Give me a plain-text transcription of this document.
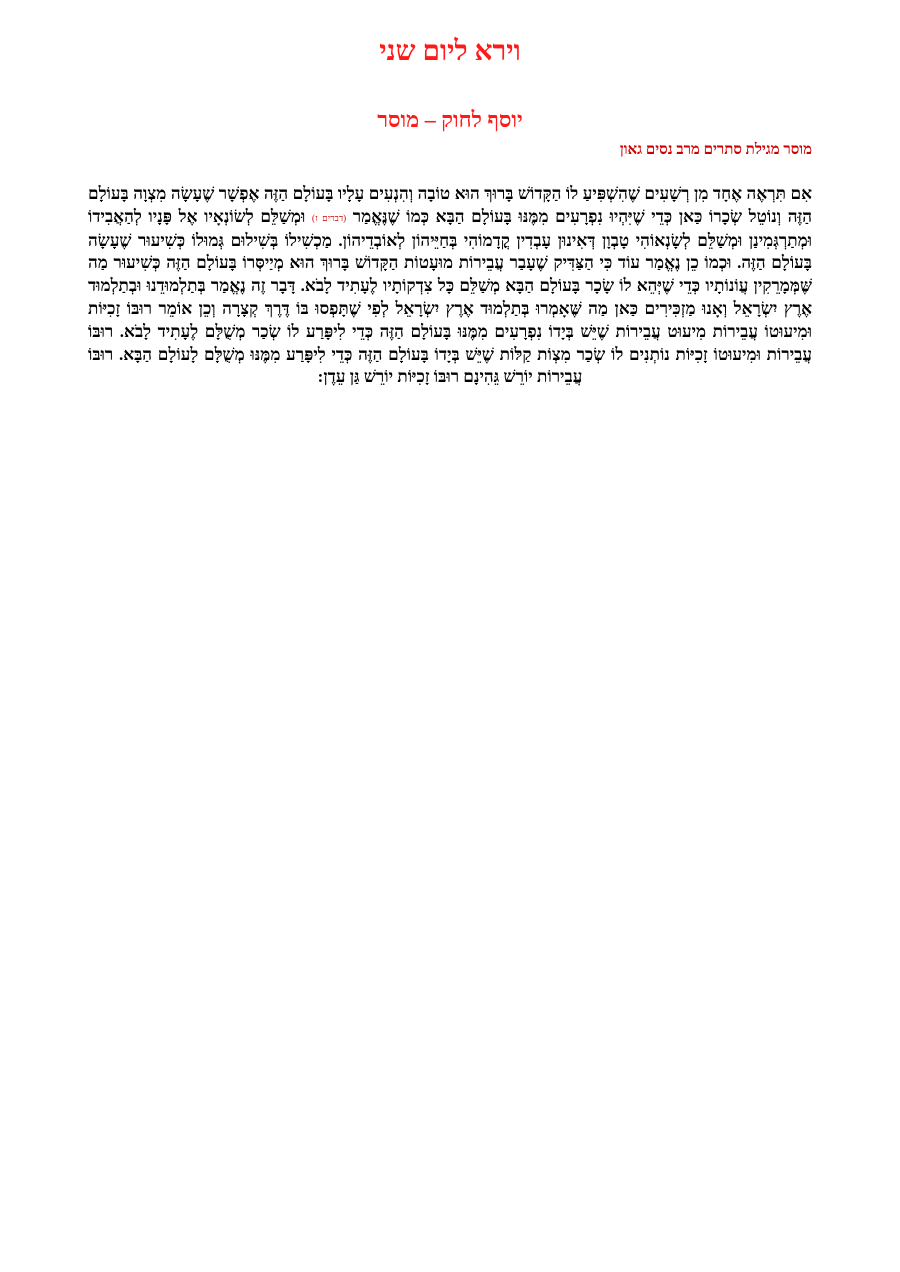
וירא ליום שני
יוסף לחוק – מוסר
מוסר מגילת סתרים מרב נסים גאון

אִם תִּרְאֶה אֶחָד מִן רְשָׁעִים שֶׁהִשְׁפִּיעַ לוֹ הַקָּדוֹשׁ בָּרוּךְ הוּא טוֹבָה וְהִנְעִים עָלָיו בָּעוֹלָם הַזֶּה אֶפְשָׁר שֶׁעָשָׂה מִצְוָה בָּעוֹלָם הַזֶּה וְנוֹטֵל שְׂכָרוֹ כַּאן כְּדֵי שֶׁיִּהְיוּ נִפְרָעִים מִמֶּנּוּ בָּעוֹלָם הַבָּא כְּמוֹ שֶׁנֶּאֱמַר (דברים ז) וּמְשַׁלֵּם לְשׂוֹנְאָיו אֶל פָּנָיו לְהַאֲבִידוֹ וּמְתַרְגְּמִינַן וּמְשַׁלֵּם לְשָׂנְאוֹהִי טָבְוָן דְּאִינוּן עָבְדִין קֳדָמוֹהִי בְּחַיֵּיהוֹן לְאוֹבְדֵיהוֹן. מַכְשִׁילוֹ בְּשִׁילוּם גְּמוּלוֹ כְּשִׁיעוּר שֶׁעָשָׂה בָּעוֹלָם הַזֶּה. וּכְמוֹ כֵן נֶאֱמַר עוֹד כִּי הַצַּדִּיק שֶׁעָבַר עֲבֵירוֹת מוּעָטוֹת הַקָּדוֹשׁ בָּרוּךְ הוּא מְיַיסְּרוֹ בָּעוֹלָם הַזֶּה כְּשִׁיעוּר מַה שֶּׁמְּמָרֵקִין עֲוֹנוֹתָיו כְּדֵי שֶׁיְּהֵא לוֹ שָׂכָר בָּעוֹלָם הַבָּא מְשַׁלֵּם כָּל צִדְקוֹתָיו לֶעָתִיד לָבֹא. דָּבָר זֶה נֶאֱמַר בְּתַלְמוּדֵנוּ וּבְתַלְמוּד אֶרֶץ יִשְׂרָאֵל וְאָנוּ מַזְכִּירִים כַּאן מַה שֶּׁאָמְרוּ בְּתַלְמוּד אֶרֶץ יִשְׂרָאֵל לְפִי שֶׁתָּפְסוּ בּוֹ דֶּרֶךְ קְצָרָה וְכֵן אוֹמֵר רוּבּוֹ זָכִיּוֹת וּמִיעוּטוֹ עֲבֵירוֹת מִיעוּט עֲבֵירוֹת שֶׁיֵּשׁ בְּיָדוֹ נִפְרָעִים מִמֶּנּוּ בָּעוֹלָם הַזֶּה כְּדֵי לִיפָּרַע לוֹ שְׂכַר מְשֻׁלָּם לֶעָתִיד לָבֹא. רוּבּוֹ עֲבֵירוֹת וּמִיעוּטוֹ זָכִיּוֹת נוֹתְנִים לוֹ שְׂכַר מִצְוֹת קַלּוֹת שֶׁיֵּשׁ בְּיָדוֹ בָּעוֹלָם הַזֶּה כְּדֵי לִיפָּרַע מִמֶּנּוּ מְשֻׁלָּם לָעוֹלָם הַבָּא. רוּבּוֹ עֲבֵירוֹת יוֹרֵשׁ גֵּהִינָם רוּבּוֹ זָכִיּוֹת יוֹרֵשׁ גַּן עֵדֶן:
